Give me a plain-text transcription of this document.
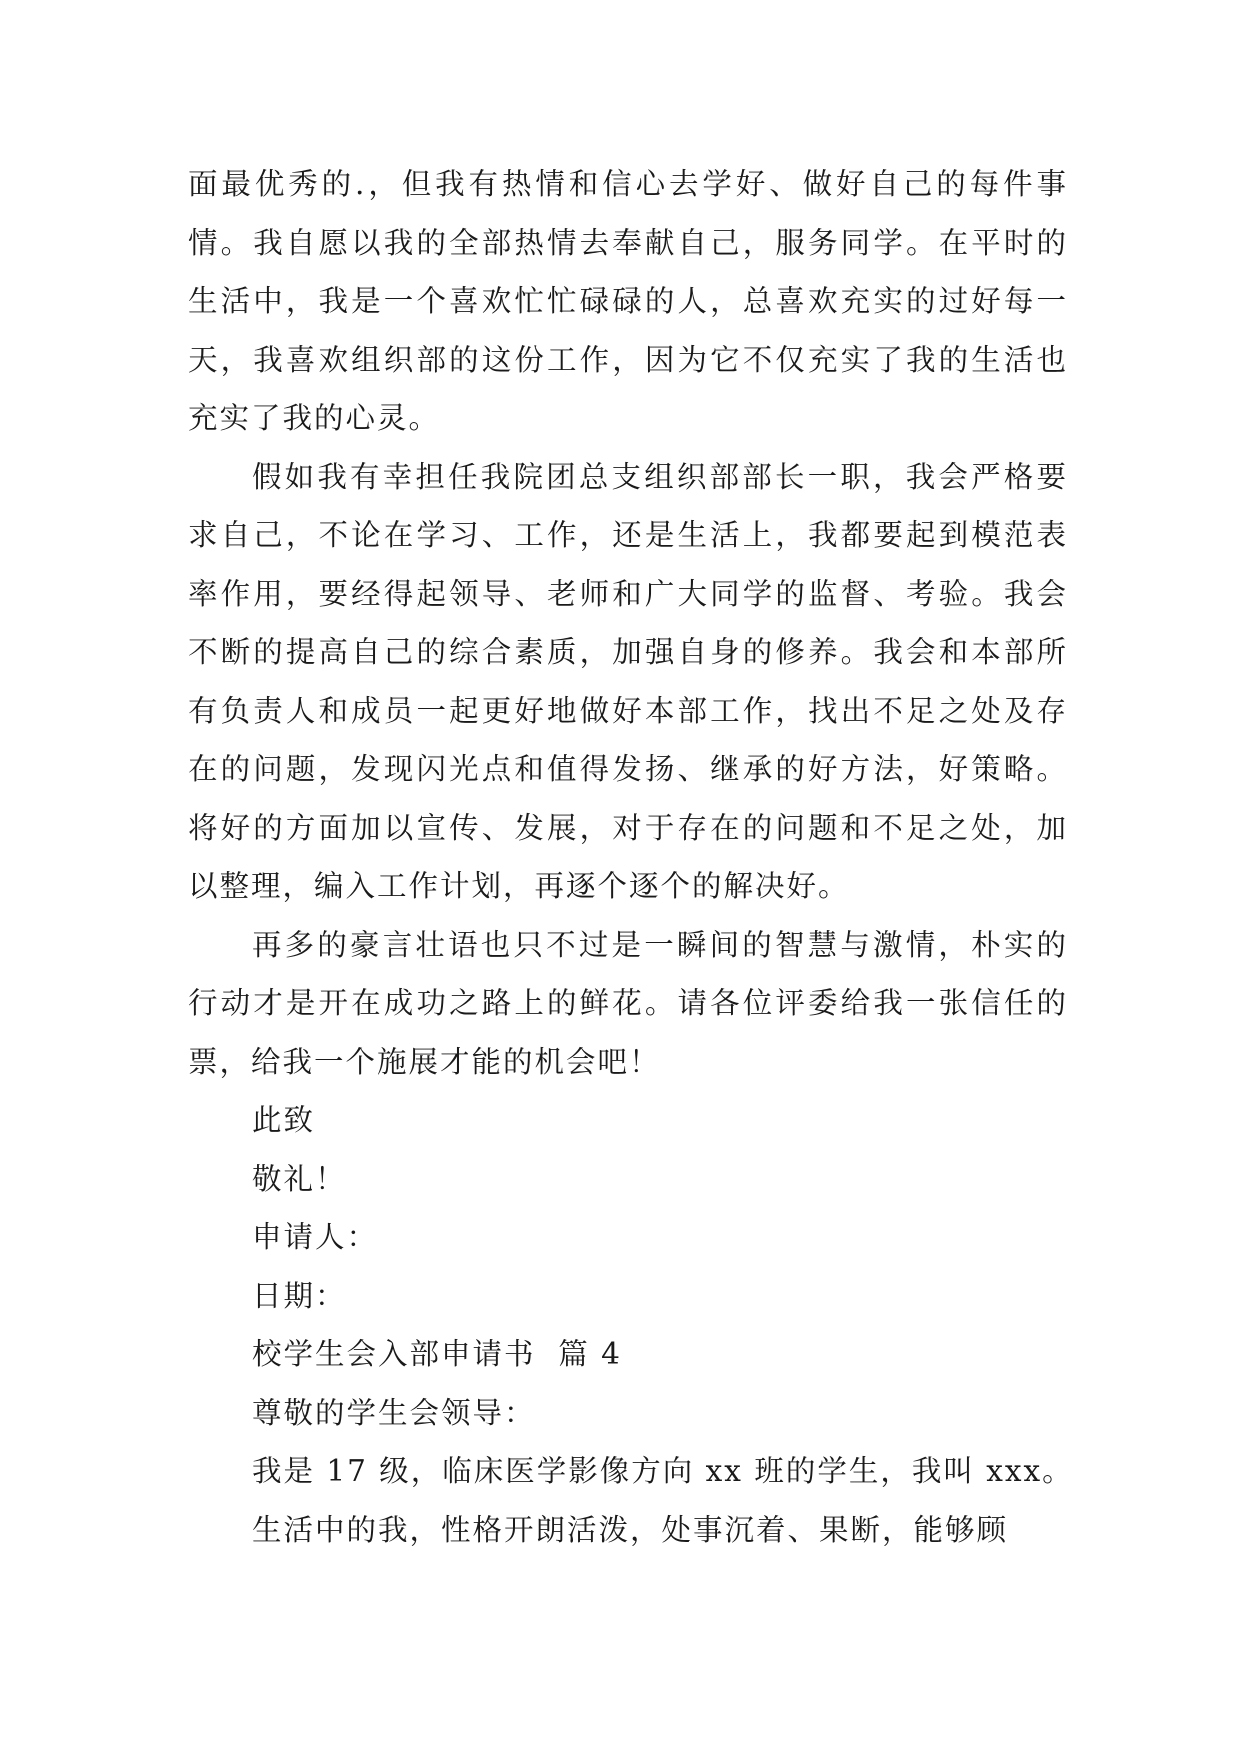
面最优秀的.，但我有热情和信心去学好、做好自己的每件事情。我自愿以我的全部热情去奉献自己，服务同学。在平时的生活中，我是一个喜欢忙忙碌碌的人，总喜欢充实的过好每一天，我喜欢组织部的这份工作，因为它不仅充实了我的生活也充实了我的心灵。

假如我有幸担任我院团总支组织部部长一职，我会严格要求自己，不论在学习、工作，还是生活上，我都要起到模范表率作用，要经得起领导、老师和广大同学的监督、考验。我会不断的提高自己的综合素质，加强自身的修养。我会和本部所有负责人和成员一起更好地做好本部工作，找出不足之处及存在的问题，发现闪光点和值得发扬、继承的好方法，好策略。将好的方面加以宣传、发展，对于存在的问题和不足之处，加以整理，编入工作计划，再逐个逐个的解决好。

再多的豪言壮语也只不过是一瞬间的智慧与激情，朴实的行动才是开在成功之路上的鲜花。请各位评委给我一张信任的票，给我一个施展才能的机会吧！

此致

敬礼！

申请人：

日期：

校学生会入部申请书  篇 4

尊敬的学生会领导：

我是 17 级，临床医学影像方向 xx 班的学生，我叫 xxx。

生活中的我，性格开朗活泼，处事沉着、果断，能够顾
